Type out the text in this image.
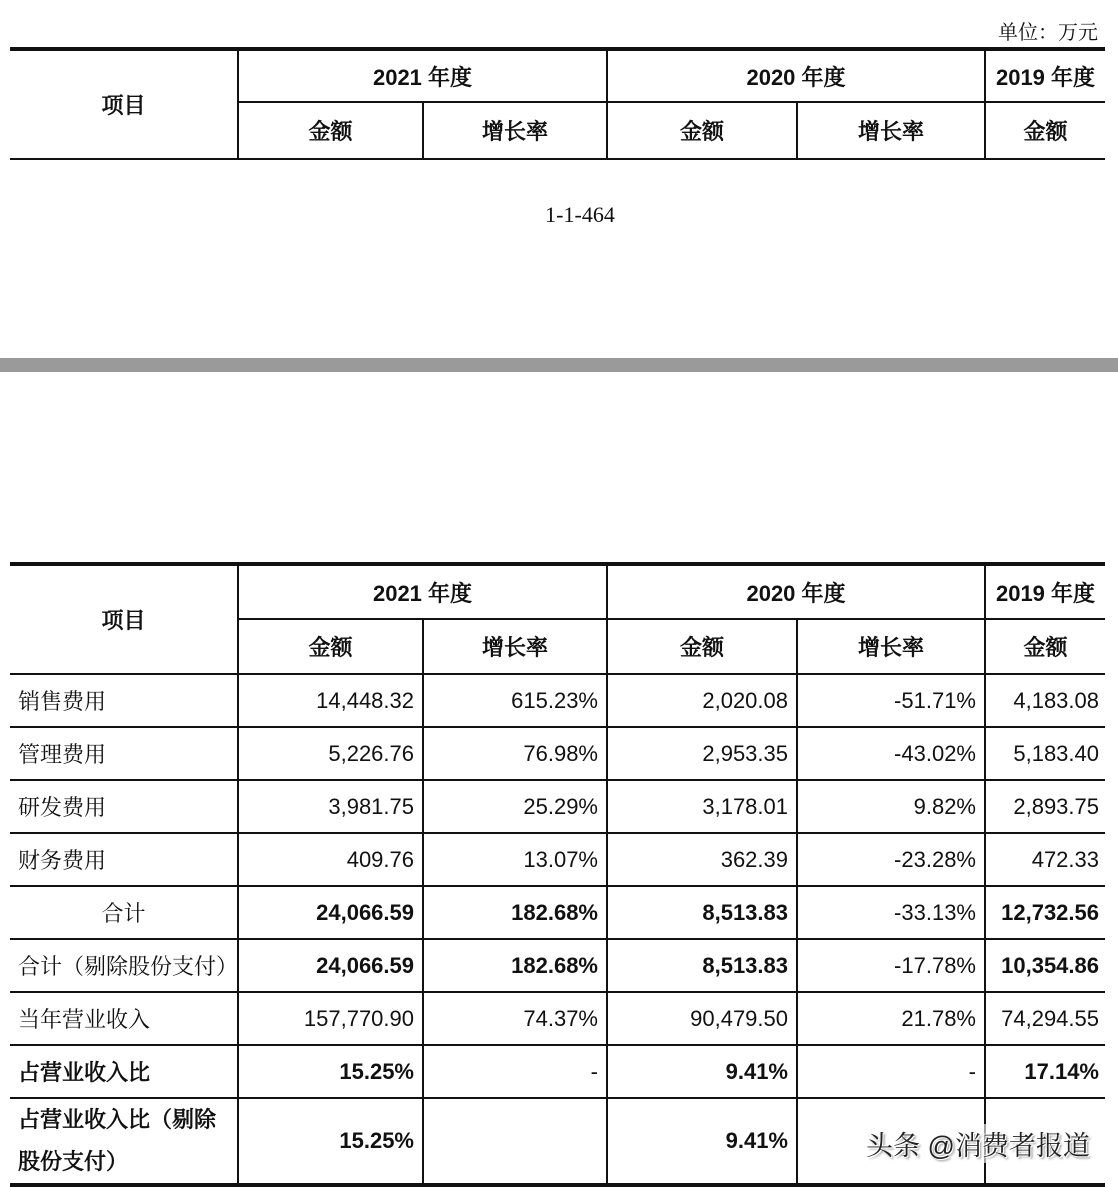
单位：万元
项目	2021 年度		2020 年度		2019 年度
	金额	增长率	金额	增长率	金额
1-1-464
项目	2021 年度		2020 年度		2019 年度
	金额	增长率	金额	增长率	金额
销售费用	14,448.32	615.23%	2,020.08	-51.71%	4,183.08
管理费用	5,226.76	76.98%	2,953.35	-43.02%	5,183.40
研发费用	3,981.75	25.29%	3,178.01	9.82%	2,893.75
财务费用	409.76	13.07%	362.39	-23.28%	472.33
合计	24,066.59	182.68%	8,513.83	-33.13%	12,732.56
合计（剔除股份支付）	24,066.59	182.68%	8,513.83	-17.78%	10,354.86
当年营业收入	157,770.90	74.37%	90,479.50	21.78%	74,294.55
占营业收入比	15.25%	-	9.41%	-	17.14%
占营业收入比（剔除股份支付）	15.25%		9.41%			头条 @消费者报道
